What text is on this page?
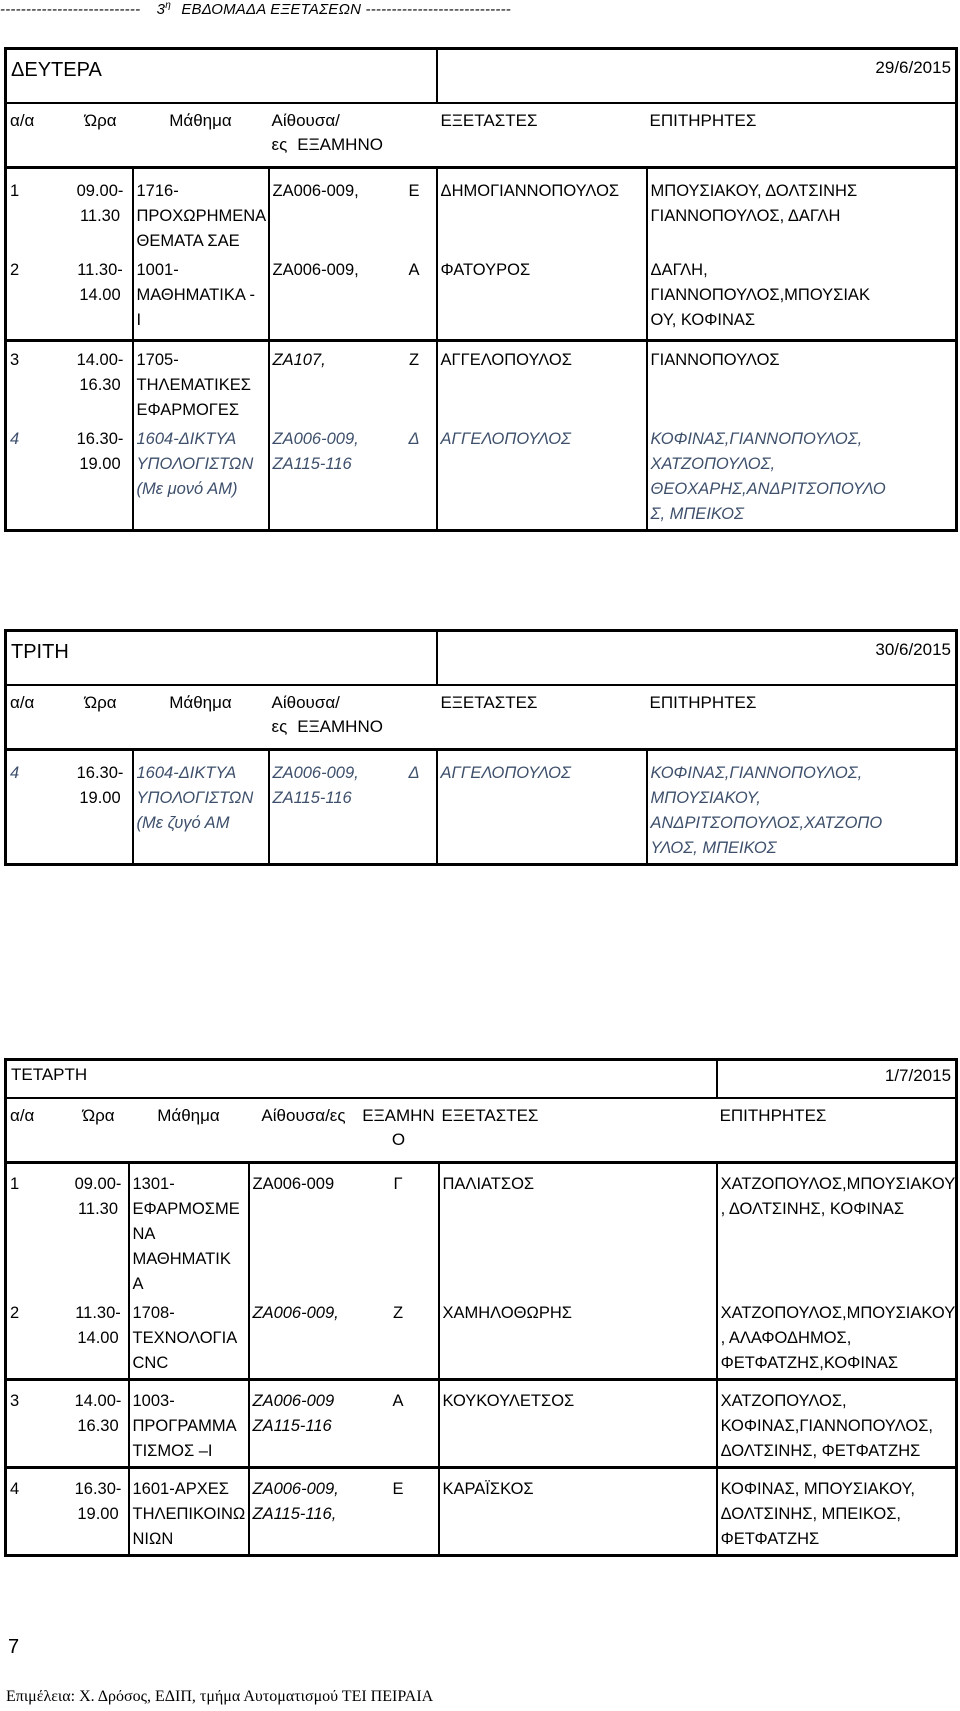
--------------------------- $3^\eta$ ΕΒΔΟΜΑΔΑ ΕΞΕΤΑΣΕΩΝ ----------------------------
ΔΕΥΤΕΡΑ					29/6/2015	
α/α	Ώρα	Μάθημα	Αίθουσα/ες ΕΞΑΜΗΝΟ		ΕΞΕΤΑΣΤΕΣ	ΕΠΙΤΗΡΗΤΕΣ
1	09.00-
11.30	1716-
ΠΡΟΧΩΡΗΜΕΝΑ
ΘΕΜΑΤΑ ΣΑΕ	ΖΑ006-009,	Ε	ΔΗΜΟΓΙΑΝΝΟΠΟΥΛΟΣ	ΜΠΟΥΣΙΑΚΟΥ, ΔΟΛΤΣΙΝΗΣ
ΓΙΑΝΝΟΠΟΥΛΟΣ, ΔΑΓΛΗ
2	11.30-
14.00	1001-
ΜΑΘΗΜΑΤΙΚΑ -
Ι	ΖΑ006-009,	Α	ΦΑΤΟΥΡΟΣ	ΔΑΓΛΗ,
ΓΙΑΝΝΟΠΟΥΛΟΣ,ΜΠΟΥΣΙΑΚ
ΟΥ, ΚΟΦΙΝΑΣ
3	14.00-
16.30	1705-
ΤΗΛΕΜΑΤΙΚΕΣ
ΕΦΑΡΜΟΓΕΣ	ΖΑ107,	Ζ	ΑΓΓΕΛΟΠΟΥΛΟΣ	ΓΙΑΝΝΟΠΟΥΛΟΣ
4	16.30-
19.00	1604-ΔΙΚΤΥΑ
ΥΠΟΛΟΓΙΣΤΩΝ
(Με μονό ΑΜ)	ΖΑ006-009,
ΖΑ115-116	Δ	ΑΓΓΕΛΟΠΟΥΛΟΣ	ΚΟΦΙΝΑΣ,ΓΙΑΝΝΟΠΟΥΛΟΣ,
ΧΑΤΖΟΠΟΥΛΟΣ,
ΘΕΟΧΑΡΗΣ,ΑΝΔΡΙΤΣΟΠΟΥΛΟ
Σ, ΜΠΕΙΚΟΣ
ΤΡΙΤΗ					30/6/2015	
α/α	Ώρα	Μάθημα	Αίθουσα/ες ΕΞΑΜΗΝΟ		ΕΞΕΤΑΣΤΕΣ	ΕΠΙΤΗΡΗΤΕΣ
4	16.30-
19.00	1604-ΔΙΚΤΥΑ
ΥΠΟΛΟΓΙΣΤΩΝ
(Με ζυγό ΑΜ	ΖΑ006-009,
ΖΑ115-116	Δ	ΑΓΓΕΛΟΠΟΥΛΟΣ	ΚΟΦΙΝΑΣ,ΓΙΑΝΝΟΠΟΥΛΟΣ,
ΜΠΟΥΣΙΑΚΟΥ,
ΑΝΔΡΙΤΣΟΠΟΥΛΟΣ,ΧΑΤΖΟΠΟ
ΥΛΟΣ, ΜΠΕΙΚΟΣ
ΤΕΤΑΡΤΗ						1/7/2015
α/α	Ώρα	Μάθημα	Αίθουσα/ες	ΕΞΑΜΗΝ
Ο	ΕΞΕΤΑΣΤΕΣ	ΕΠΙΤΗΡΗΤΕΣ
1	09.00-
11.30	1301-
ΕΦΑΡΜΟΣΜΕ
ΝΑ
ΜΑΘΗΜΑΤΙΚ
Α	ΖΑ006-009	Γ	ΠΑΛΙΑΤΣΟΣ	ΧΑΤΖΟΠΟΥΛΟΣ,ΜΠΟΥΣΙΑΚΟΥ
, ΔΟΛΤΣΙΝΗΣ, ΚΟΦΙΝΑΣ
2	11.30-
14.00	1708-
ΤΕΧΝΟΛΟΓΙΑ
CNC	ΖΑ006-009,	Ζ	ΧΑΜΗΛΟΘΩΡΗΣ	ΧΑΤΖΟΠΟΥΛΟΣ,ΜΠΟΥΣΙΑΚΟΥ
, ΑΛΑΦΟΔΗΜΟΣ,
ΦΕΤΦΑΤΖΗΣ,ΚΟΦΙΝΑΣ
3	14.00-
16.30	1003-
ΠΡΟΓΡΑΜΜΑ
ΤΙΣΜΟΣ –Ι	ΖΑ006-009
ΖΑ115-116	Α	ΚΟΥΚΟΥΛΕΤΣΟΣ	ΧΑΤΖΟΠΟΥΛΟΣ,
ΚΟΦΙΝΑΣ,ΓΙΑΝΝΟΠΟΥΛΟΣ,
ΔΟΛΤΣΙΝΗΣ, ΦΕΤΦΑΤΖΗΣ
4	16.30-
19.00	1601-ΑΡΧΕΣ
ΤΗΛΕΠΙΚΟΙΝΩ
ΝΙΩΝ	ΖΑ006-009,
ΖΑ115-116,	Ε	ΚΑΡΑΪΣΚΟΣ	ΚΟΦΙΝΑΣ, ΜΠΟΥΣΙΑΚΟΥ,
ΔΟΛΤΣΙΝΗΣ, ΜΠΕΙΚΟΣ,
ΦΕΤΦΑΤΖΗΣ
7
Επιμέλεια: Χ. Δρόσος, ΕΔΙΠ, τμήμα Αυτοματισμού ΤΕΙ ΠΕΙΡΑΙΑ
